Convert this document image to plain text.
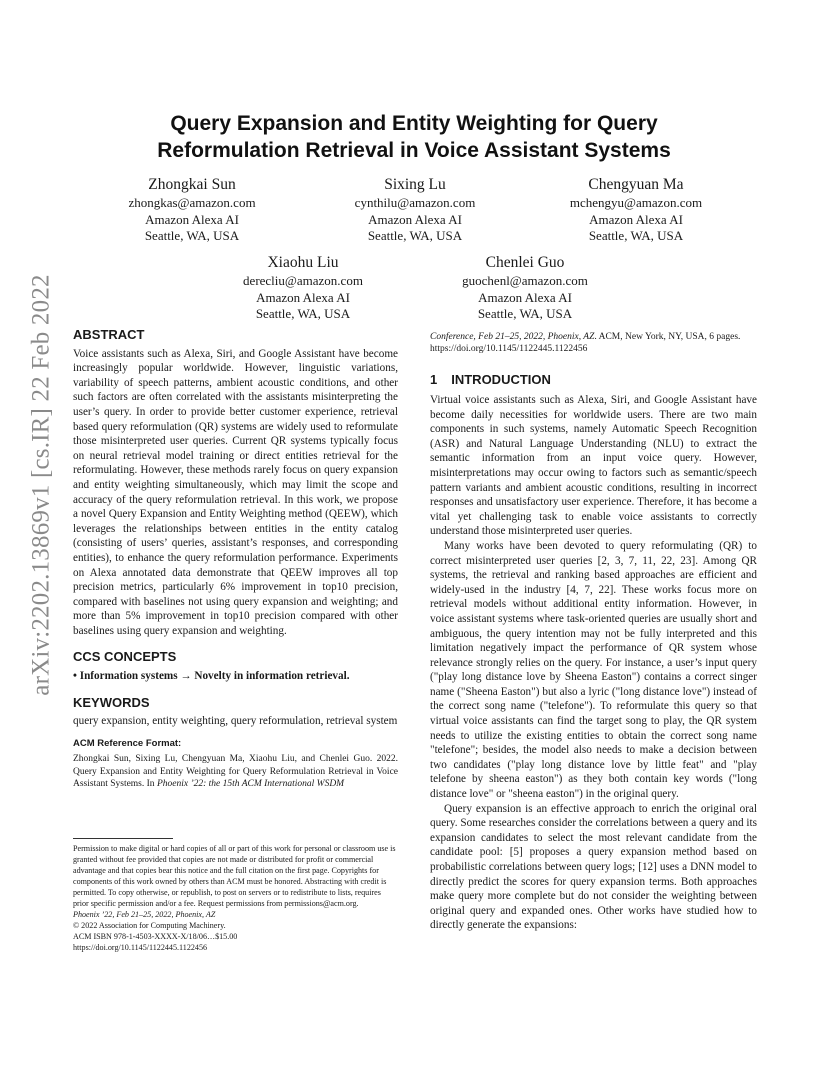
arXiv:2202.13869v1 [cs.IR] 22 Feb 2022
Query Expansion and Entity Weighting for Query Reformulation Retrieval in Voice Assistant Systems
Zhongkai Sun
zhongkas@amazon.com
Amazon Alexa AI
Seattle, WA, USA
Sixing Lu
cynthilu@amazon.com
Amazon Alexa AI
Seattle, WA, USA
Chengyuan Ma
mchengyu@amazon.com
Amazon Alexa AI
Seattle, WA, USA
Xiaohu Liu
derecliu@amazon.com
Amazon Alexa AI
Seattle, WA, USA
Chenlei Guo
guochenl@amazon.com
Amazon Alexa AI
Seattle, WA, USA
ABSTRACT

Voice assistants such as Alexa, Siri, and Google Assistant have become increasingly popular worldwide. However, linguistic variations, variability of speech patterns, ambient acoustic conditions, and other such factors are often correlated with the assistants misinterpreting the user’s query. In order to provide better customer experience, retrieval based query reformulation (QR) systems are widely used to reformulate those misinterpreted user queries. Current QR systems typically focus on neural retrieval model training or direct entities retrieval for the reformulating. However, these methods rarely focus on query expansion and entity weighting simultaneously, which may limit the scope and accuracy of the query reformulation retrieval. In this work, we propose a novel Query Expansion and Entity Weighting method (QEEW), which leverages the relationships between entities in the entity catalog (consisting of users’ queries, assistant’s responses, and corresponding entities), to enhance the query reformulation performance. Experiments on Alexa annotated data demonstrate that QEEW improves all top precision metrics, particularly 6% improvement in top10 precision, compared with baselines not using query expansion and weighting; and more than 5% improvement in top10 precision compared with other baselines using query expansion and weighting.

CCS CONCEPTS

• Information systems → Novelty in information retrieval.

KEYWORDS

query expansion, entity weighting, query reformulation, retrieval system

ACM Reference Format:

Zhongkai Sun, Sixing Lu, Chengyuan Ma, Xiaohu Liu, and Chenlei Guo. 2022. Query Expansion and Entity Weighting for Query Reformulation Retrieval in Voice Assistant Systems. In Phoenix ’22: the 15th ACM International WSDM

Permission to make digital or hard copies of all or part of this work for personal or classroom use is granted without fee provided that copies are not made or distributed for profit or commercial advantage and that copies bear this notice and the full citation on the first page. Copyrights for components of this work owned by others than ACM must be honored. Abstracting with credit is permitted. To copy otherwise, or republish, to post on servers or to redistribute to lists, requires prior specific permission and/or a fee. Request permissions from permissions@acm.org.
Phoenix ’22, Feb 21–25, 2022, Phoenix, AZ
© 2022 Association for Computing Machinery.
ACM ISBN 978-1-4503-XXXX-X/18/06…$15.00
https://doi.org/10.1145/1122445.1122456

Conference, Feb 21–25, 2022, Phoenix, AZ. ACM, New York, NY, USA, 6 pages. https://doi.org/10.1145/1122445.1122456

1 INTRODUCTION

Virtual voice assistants such as Alexa, Siri, and Google Assistant have become daily necessities for worldwide users. There are two main components in such systems, namely Automatic Speech Recognition (ASR) and Natural Language Understanding (NLU) to extract the semantic information from an input voice query. However, misinterpretations may occur owing to factors such as semantic/speech pattern variants and ambient acoustic conditions, resulting in incorrect responses and unsatisfactory user experience. Therefore, it has become a vital yet challenging task to enable voice assistants to correctly understand those misinterpreted user queries.

Many works have been devoted to query reformulating (QR) to correct misinterpreted user queries [2, 3, 7, 11, 22, 23]. Among QR systems, the retrieval and ranking based approaches are efficient and widely-used in the industry [4, 7, 22]. These works focus more on retrieval models without additional entity information. However, in voice assistant systems where task-oriented queries are usually short and ambiguous, the query intention may not be fully interpreted and this limitation negatively impact the performance of QR system whose relevance strongly relies on the query. For instance, a user’s input query ("play long distance love by Sheena Easton") contains a correct singer name ("Sheena Easton") but also a lyric ("long distance love") instead of the correct song name ("telefone"). To reformulate this query so that virtual voice assistants can find the target song to play, the QR system needs to utilize the existing entities to obtain the correct song name "telefone"; besides, the model also needs to make a decision between two candidates ("play long distance love by little feat" and "play telefone by sheena easton") as they both contain key words ("long distance love" or "sheena easton") in the original query.

Query expansion is an effective approach to enrich the original oral query. Some researches consider the correlations between a query and its expansion candidates to select the most relevant candidate from the candidate pool: [5] proposes a query expansion method based on probabilistic correlations between query logs; [12] uses a DNN model to directly predict the scores for query expansion terms. Both approaches make query more complete but do not consider the weighting between original query and expanded ones. Other works have studied how to directly generate the expansions:
